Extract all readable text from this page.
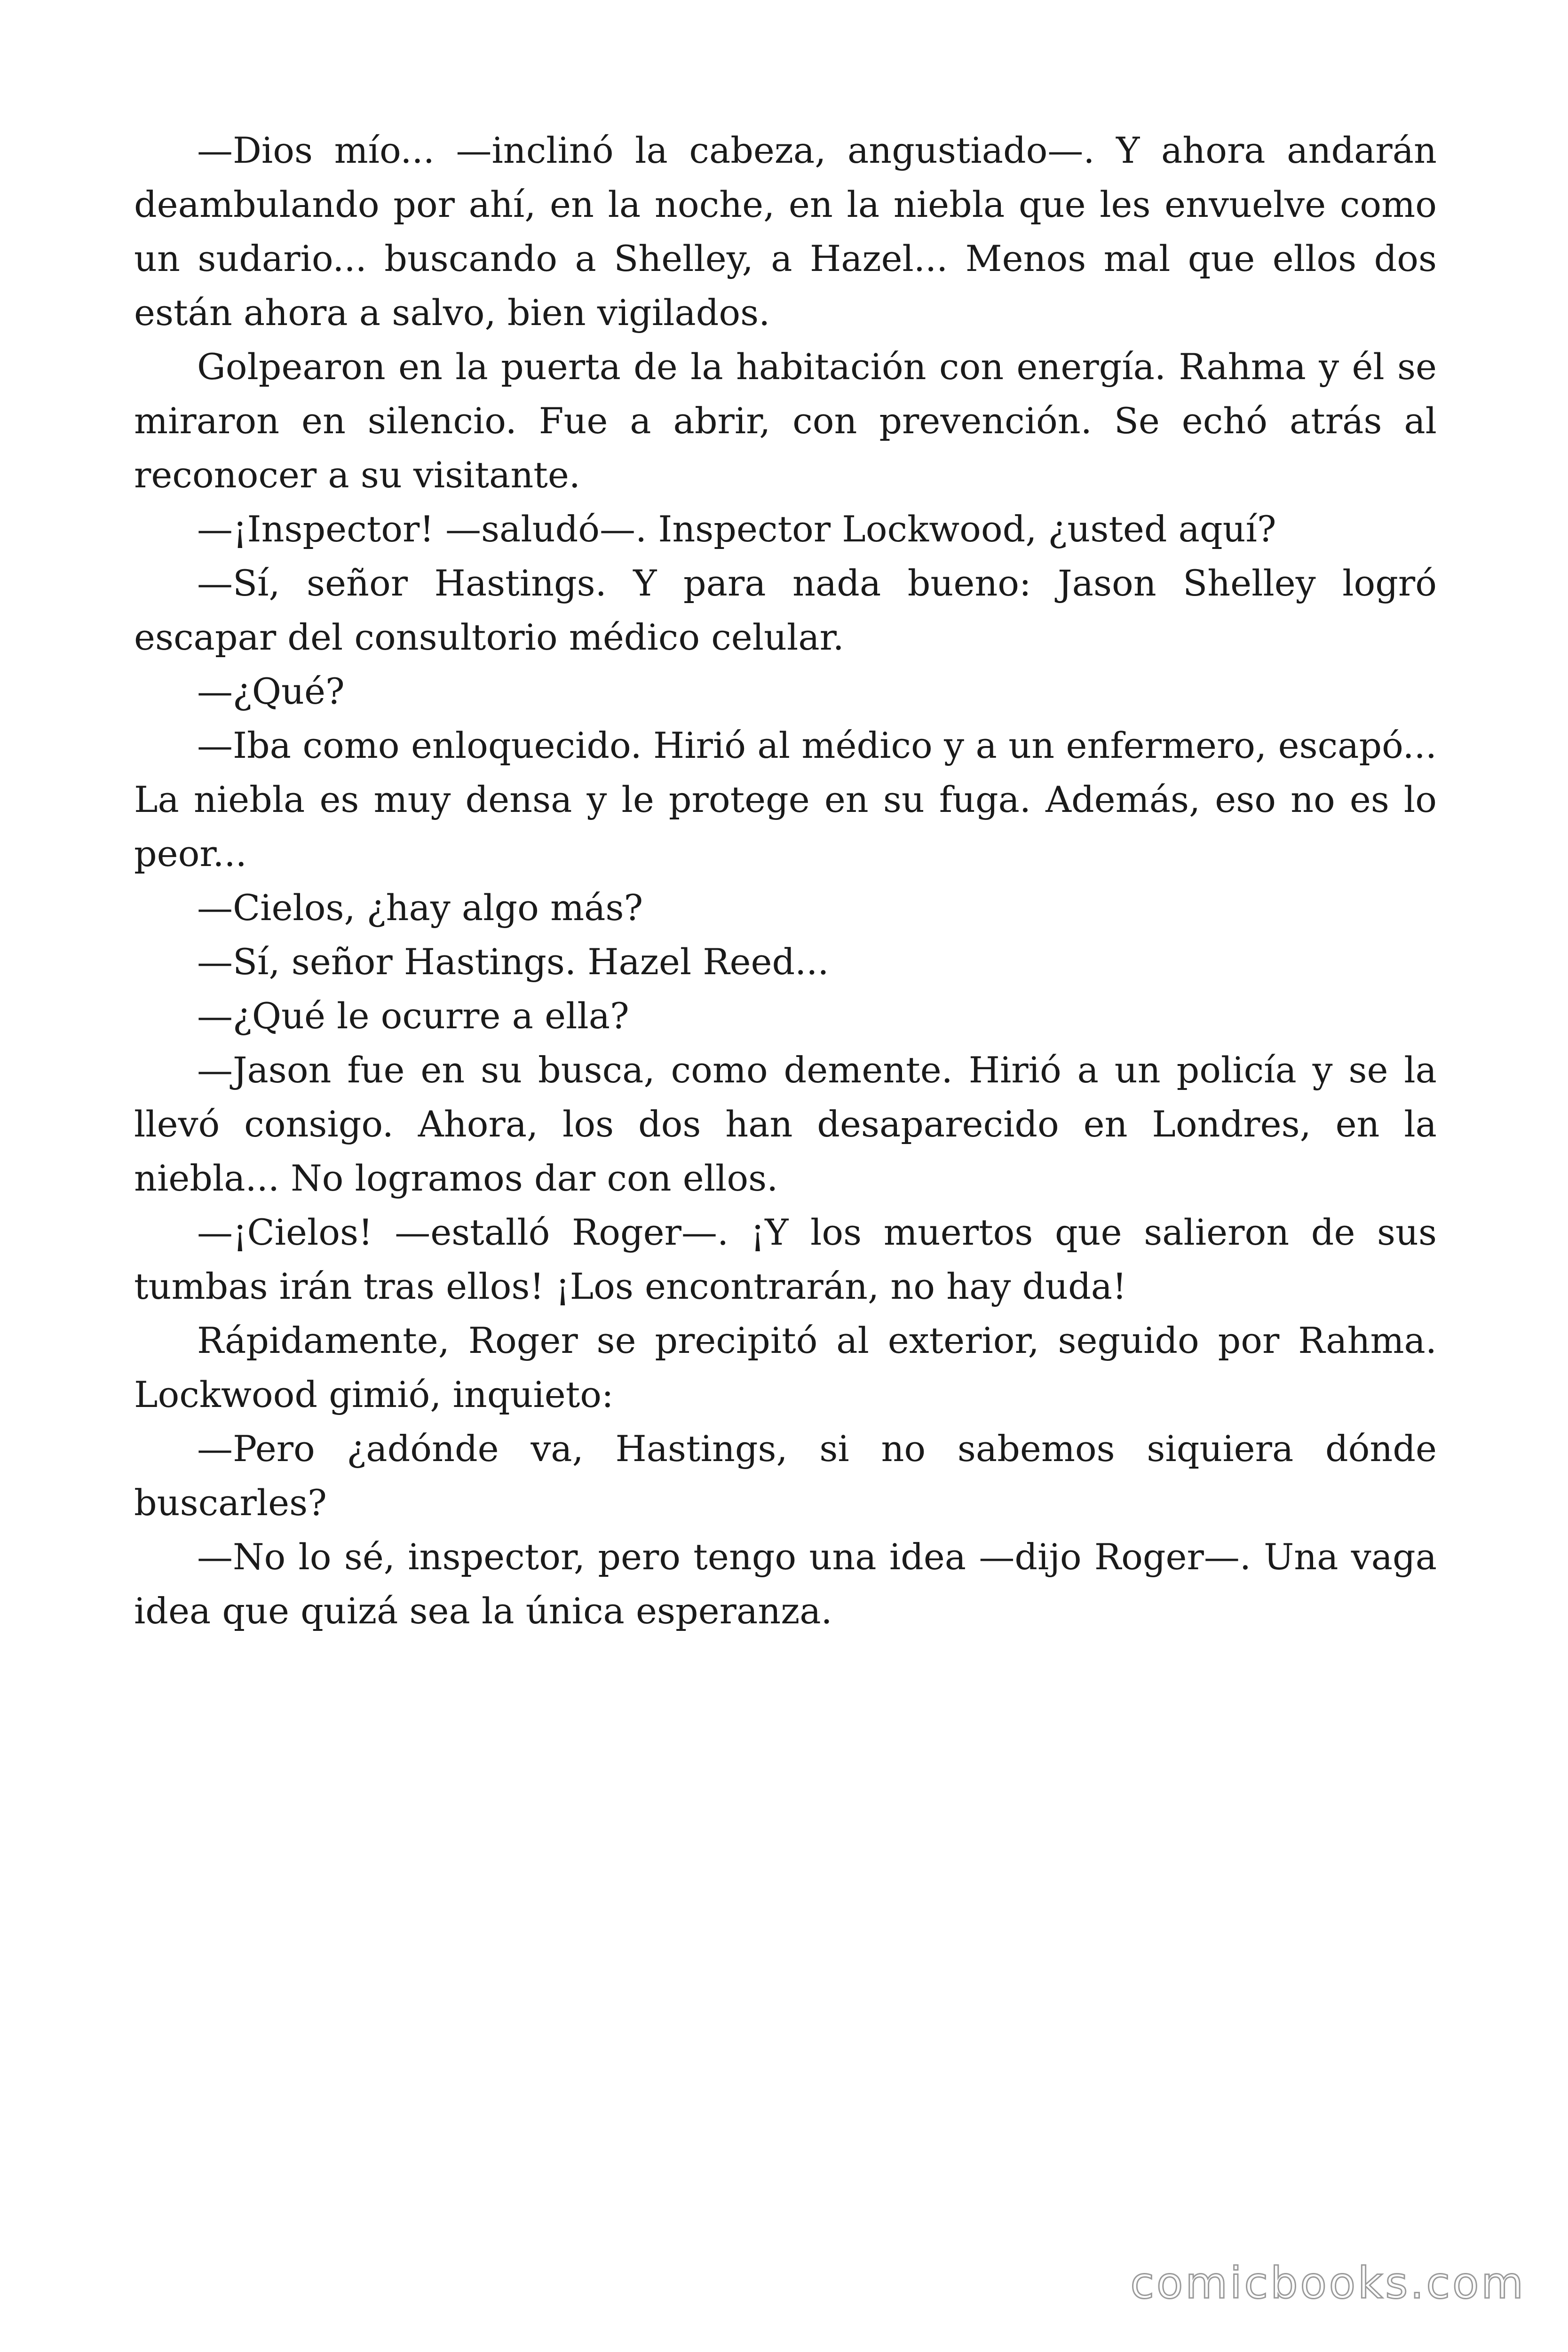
—Dios mío... —inclinó la cabeza, angustiado—. Y ahora andarán deambulando por ahí, en la noche, en la niebla que les envuelve como un sudario... buscando a Shelley, a Hazel... Menos mal que ellos dos están ahora a salvo, bien vigilados.

Golpearon en la puerta de la habitación con energía. Rahma y él se miraron en silencio. Fue a abrir, con prevención. Se echó atrás al reconocer a su visitante.

—¡Inspector! —saludó—. Inspector Lockwood, ¿usted aquí?

—Sí, señor Hastings. Y para nada bueno: Jason Shelley logró escapar del consultorio médico celular.

—¿Qué?

—Iba como enloquecido. Hirió al médico y a un enfermero, escapó... La niebla es muy densa y le protege en su fuga. Además, eso no es lo peor...

—Cielos, ¿hay algo más?

—Sí, señor Hastings. Hazel Reed...

—¿Qué le ocurre a ella?

—Jason fue en su busca, como demente. Hirió a un policía y se la llevó consigo. Ahora, los dos han desaparecido en Londres, en la niebla... No logramos dar con ellos.

—¡Cielos! —estalló Roger—. ¡Y los muertos que salieron de sus tumbas irán tras ellos! ¡Los encontrarán, no hay duda!

Rápidamente, Roger se precipitó al exterior, seguido por Rahma. Lockwood gimió, inquieto:

—Pero ¿adónde va, Hastings, si no sabemos siquiera dónde buscarles?

—No lo sé, inspector, pero tengo una idea —dijo Roger—. Una vaga idea que quizá sea la única esperanza.

comicbooks.com
